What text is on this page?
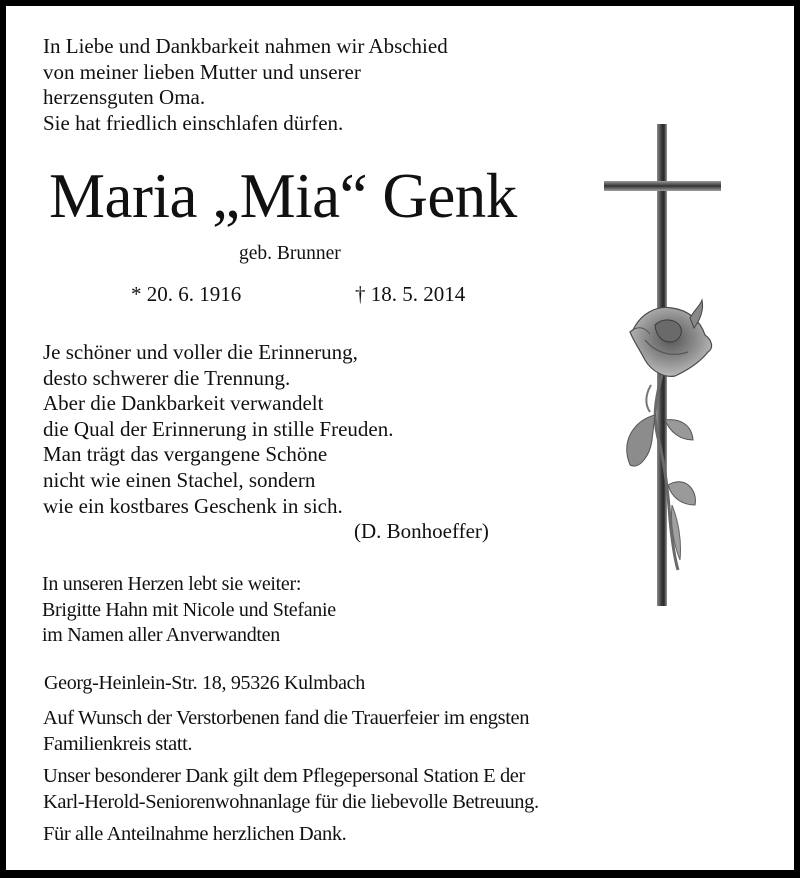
In Liebe und Dankbarkeit nahmen wir Abschied
von meiner lieben Mutter und unserer
herzensguten Oma.
Sie hat friedlich einschlafen dürfen.
Maria „Mia“ Genk
geb. Brunner
* 20. 6. 1916	† 18. 5. 2014
Je schöner und voller die Erinnerung,
desto schwerer die Trennung.
Aber die Dankbarkeit verwandelt
die Qual der Erinnerung in stille Freuden.
Man trägt das vergangene Schöne
nicht wie einen Stachel, sondern
wie ein kostbares Geschenk in sich.
(D. Bonhoeffer)
In unseren Herzen lebt sie weiter:
Brigitte Hahn mit Nicole und Stefanie
im Namen aller Anverwandten
Georg-Heinlein-Str. 18, 95326 Kulmbach
Auf Wunsch der Verstorbenen fand die Trauerfeier im engsten
Familienkreis statt.
Unser besonderer Dank gilt dem Pflegepersonal Station E der
Karl-Herold-Seniorenwohnanlage für die liebevolle Betreuung.
Für alle Anteilnahme herzlichen Dank.
